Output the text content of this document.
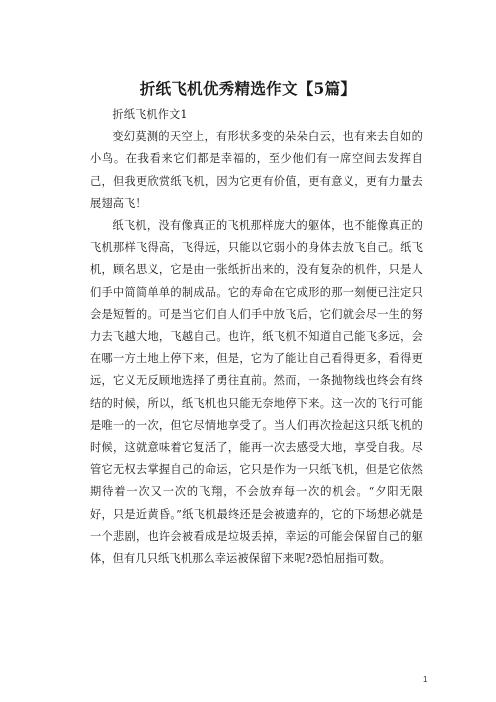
折纸飞机优秀精选作文【5篇】

折纸飞机作文1

变幻莫测的天空上，有形状多变的朵朵白云，也有来去自如的小鸟。在我看来它们都是幸福的，至少他们有一席空间去发挥自己，但我更欣赏纸飞机，因为它更有价值，更有意义，更有力量去展翅高飞！

纸飞机，没有像真正的飞机那样庞大的躯体，也不能像真正的飞机那样飞得高，飞得远，只能以它弱小的身体去放飞自己。纸飞机，顾名思义，它是由一张纸折出来的，没有复杂的机件，只是人们手中简简单单的制成品。它的寿命在它成形的那一刻便已注定只会是短暂的。可是当它们自人们手中放飞后，它们就会尽一生的努力去飞越大地，飞越自己。也许，纸飞机不知道自己能飞多远，会在哪一方土地上停下来，但是，它为了能让自己看得更多，看得更远，它义无反顾地选择了勇往直前。然而，一条抛物线也终会有终结的时候，所以，纸飞机也只能无奈地停下来。这一次的飞行可能是唯一的一次，但它尽情地享受了。当人们再次捡起这只纸飞机的时候，这就意味着它复活了，能再一次去感受大地，享受自我。尽管它无权去掌握自己的命运，它只是作为一只纸飞机，但是它依然期待着一次又一次的飞翔，不会放弃每一次的机会。“夕阳无限好，只是近黄昏。”纸飞机最终还是会被遗弃的，它的下场想必就是一个悲剧，也许会被看成是垃圾丢掉，幸运的可能会保留自己的躯体，但有几只纸飞机那么幸运被保留下来呢?恐怕屈指可数。

1
